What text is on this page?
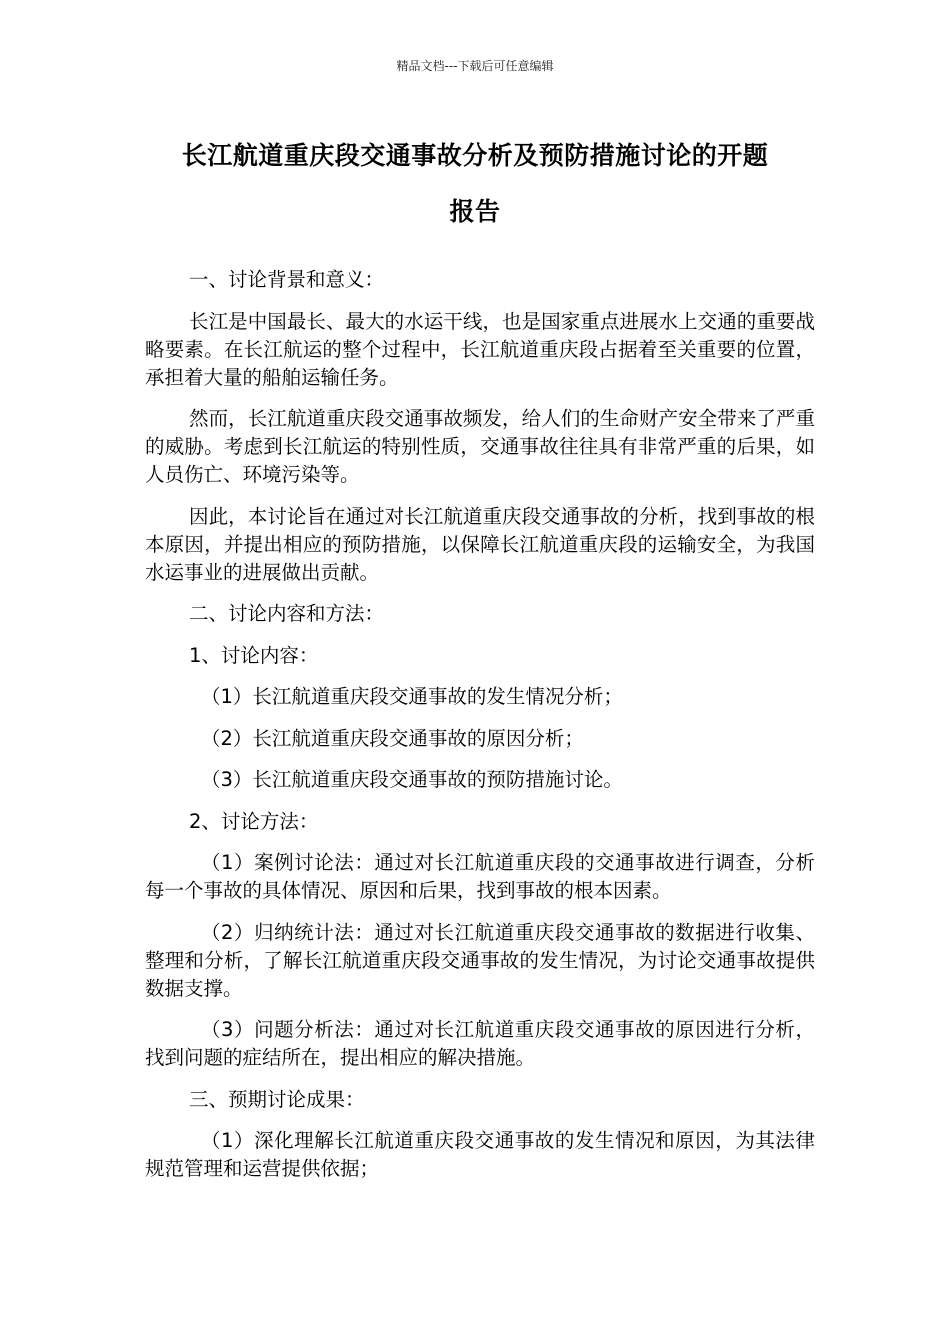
精品文档---下载后可任意编辑
长江航道重庆段交通事故分析及预防措施讨论的开题
报告

一、讨论背景和意义：

长江是中国最长、最大的水运干线，也是国家重点进展水上交通的重要战略要素。在长江航运的整个过程中，长江航道重庆段占据着至关重要的位置，承担着大量的船舶运输任务。

然而，长江航道重庆段交通事故频发，给人们的生命财产安全带来了严重的威胁。考虑到长江航运的特别性质，交通事故往往具有非常严重的后果，如人员伤亡、环境污染等。

因此，本讨论旨在通过对长江航道重庆段交通事故的分析，找到事故的根本原因，并提出相应的预防措施，以保障长江航道重庆段的运输安全，为我国水运事业的进展做出贡献。

二、讨论内容和方法：

1、讨论内容：

（1）长江航道重庆段交通事故的发生情况分析；

（2）长江航道重庆段交通事故的原因分析；

（3）长江航道重庆段交通事故的预防措施讨论。

2、讨论方法：

（1）案例讨论法：通过对长江航道重庆段的交通事故进行调查，分析每一个事故的具体情况、原因和后果，找到事故的根本因素。

（2）归纳统计法：通过对长江航道重庆段交通事故的数据进行收集、整理和分析，了解长江航道重庆段交通事故的发生情况，为讨论交通事故提供数据支撑。

（3）问题分析法：通过对长江航道重庆段交通事故的原因进行分析，找到问题的症结所在，提出相应的解决措施。

三、预期讨论成果：

（1）深化理解长江航道重庆段交通事故的发生情况和原因，为其法律规范管理和运营提供依据；
